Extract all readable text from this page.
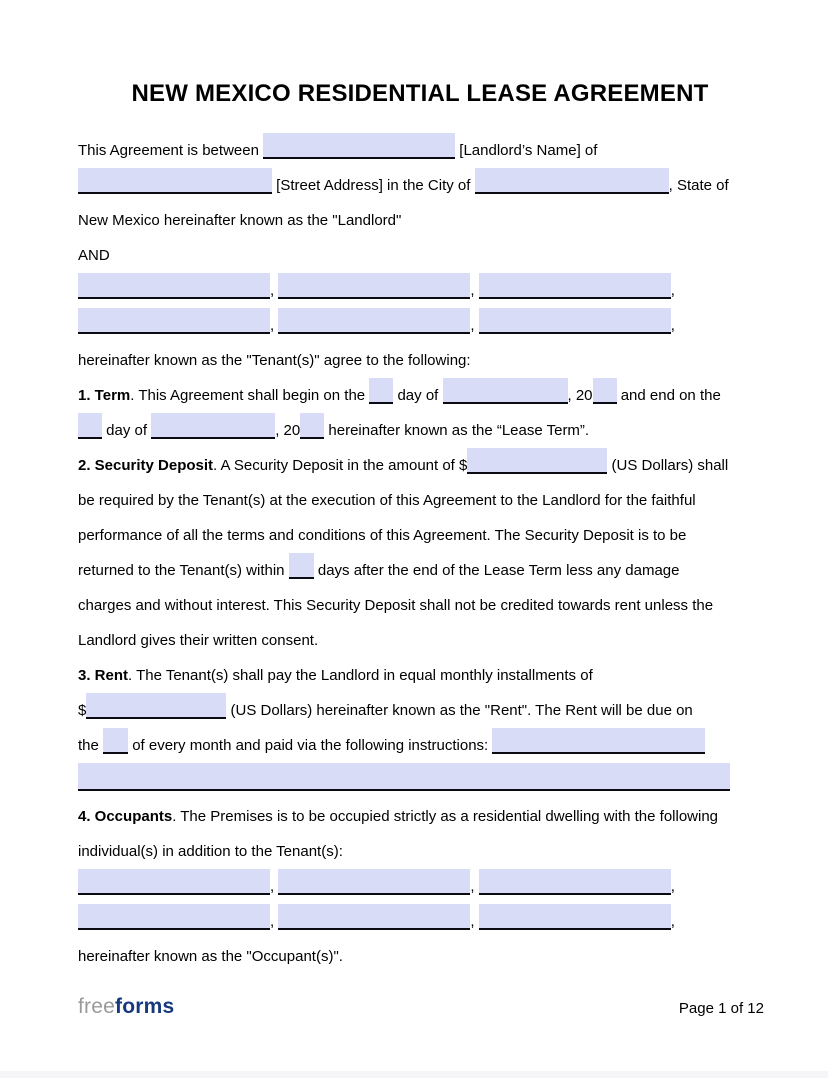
NEW MEXICO RESIDENTIAL LEASE AGREEMENT

This Agreement is between	[Landlord’s Name] of
[Street Address] in the City of	, State of
New Mexico hereinafter known as the "Landlord"

AND

,	,	,
,	,	,

hereinafter known as the "Tenant(s)" agree to the following:

1. Term. This Agreement shall begin on the  day of	, 20 and end on the
day of	, 20 hereinafter known as the “Lease Term”.

2. Security Deposit. A Security Deposit in the amount of $	(US Dollars) shall
be required by the Tenant(s) at the execution of this Agreement to the Landlord for the faithful
performance of all the terms and conditions of this Agreement. The Security Deposit is to be
returned to the Tenant(s) within  days after the end of the Lease Term less any damage
charges and without interest. This Security Deposit shall not be credited towards rent unless the
Landlord gives their written consent.

3. Rent. The Tenant(s) shall pay the Landlord in equal monthly installments of
$	(US Dollars) hereinafter known as the "Rent". The Rent will be due on
the  of every month and paid via the following instructions:

4. Occupants. The Premises is to be occupied strictly as a residential dwelling with the following
individual(s) in addition to the Tenant(s):
,	,	,
,	,	,
hereinafter known as the "Occupant(s)".

freeforms	Page 1 of 12
